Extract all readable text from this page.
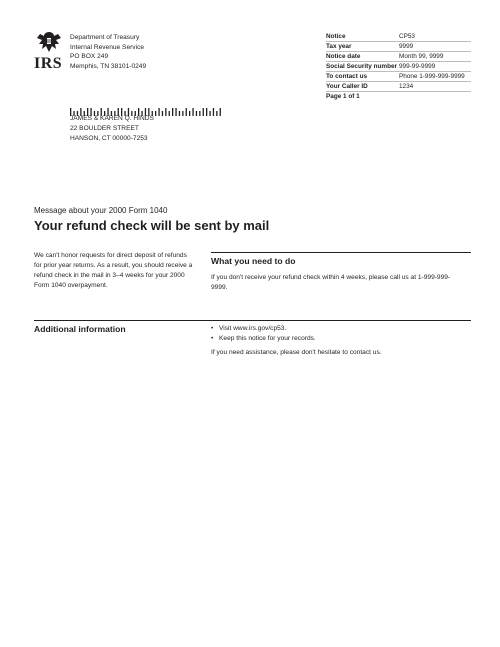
IRS
Department of Treasury
Internal Revenue Service
PO BOX 249
Memphis, TN 38101-0249
Notice	CP53
Tax year	9999
Notice date	Month 99, 9999
Social Security number 999-99-9999
To contact us	Phone 1-999-999-9999
Your Caller ID	1234
Page 1 of 1
JAMES & KAREN Q. HINDS
22 BOULDER STREET
HANSON, CT 00000-7253
Message about your 2000 Form 1040
Your refund check will be sent by mail
We can't honor requests for direct deposit of refunds for prior year returns. As a result, you should receive a refund check in the mail in 3–4 weeks for your 2000 Form 1040 overpayment.
What you need to do
If you don't receive your refund check within 4 weeks, please call us at 1-999-999-9999.
Additional information	• Visit www.irs.gov/cp53.
• Keep this notice for your records.
If you need assistance, please don't hesitate to contact us.
